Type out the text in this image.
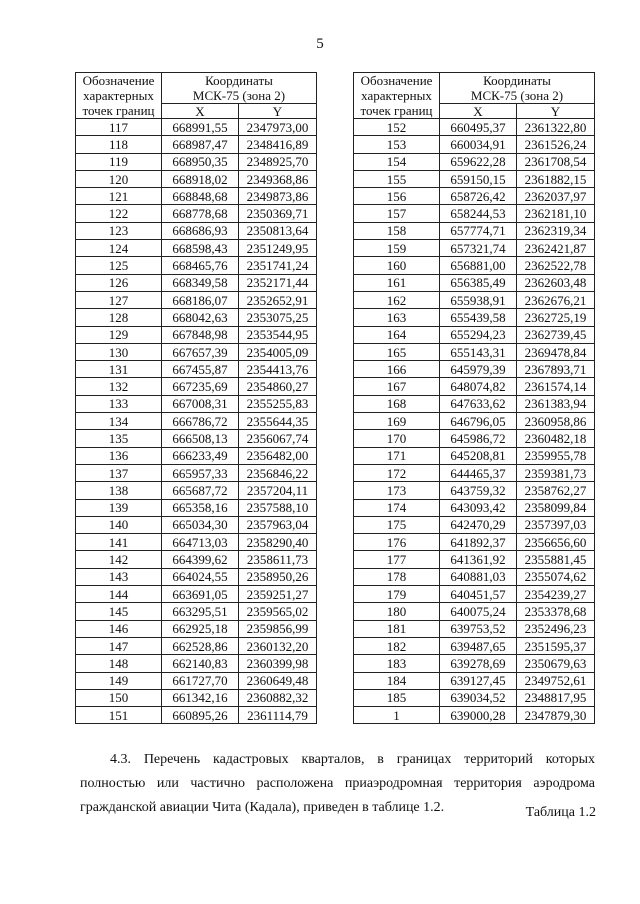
5
Обозначение
характерных
точек границ	Координаты
МСК-75 (зона 2)	

	X	Y
117	668991,55	2347973,00
118	668987,47	2348416,89
119	668950,35	2348925,70
120	668918,02	2349368,86
121	668848,68	2349873,86
122	668778,68	2350369,71
123	668686,93	2350813,64
124	668598,43	2351249,95
125	668465,76	2351741,24
126	668349,58	2352171,44
127	668186,07	2352652,91
128	668042,63	2353075,25
129	667848,98	2353544,95
130	667657,39	2354005,09
131	667455,87	2354413,76
132	667235,69	2354860,27
133	667008,31	2355255,83
134	666786,72	2355644,35
135	666508,13	2356067,74
136	666233,49	2356482,00
137	665957,33	2356846,22
138	665687,72	2357204,11
139	665358,16	2357588,10
140	665034,30	2357963,04
141	664713,03	2358290,40
142	664399,62	2358611,73
143	664024,55	2358950,26
144	663691,05	2359251,27
145	663295,51	2359565,02
146	662925,18	2359856,99
147	662528,86	2360132,20
148	662140,83	2360399,98
149	661727,70	2360649,48
150	661342,16	2360882,32
151	660895,26	2361114,79
Обозначение
характерных
точек границ	Координаты
МСК-75 (зона 2)	

	X	Y
152	660495,37	2361322,80
153	660034,91	2361526,24
154	659622,28	2361708,54
155	659150,15	2361882,15
156	658726,42	2362037,97
157	658244,53	2362181,10
158	657774,71	2362319,34
159	657321,74	2362421,87
160	656881,00	2362522,78
161	656385,49	2362603,48
162	655938,91	2362676,21
163	655439,58	2362725,19
164	655294,23	2362739,45
165	655143,31	2369478,84
166	645979,39	2367893,71
167	648074,82	2361574,14
168	647633,62	2361383,94
169	646796,05	2360958,86
170	645986,72	2360482,18
171	645208,81	2359955,78
172	644465,37	2359381,73
173	643759,32	2358762,27
174	643093,42	2358099,84
175	642470,29	2357397,03
176	641892,37	2356656,60
177	641361,92	2355881,45
178	640881,03	2355074,62
179	640451,57	2354239,27
180	640075,24	2353378,68
181	639753,52	2352496,23
182	639487,65	2351595,37
183	639278,69	2350679,63
184	639127,45	2349752,61
185	639034,52	2348817,95
1	639000,28	2347879,30

4.3. Перечень кадастровых кварталов, в границах территорий которых полностью или частично расположена приаэродромная территория аэродрома гражданской авиации Чита (Кадала), приведен в таблице 1.2.	Таблица 1.2
